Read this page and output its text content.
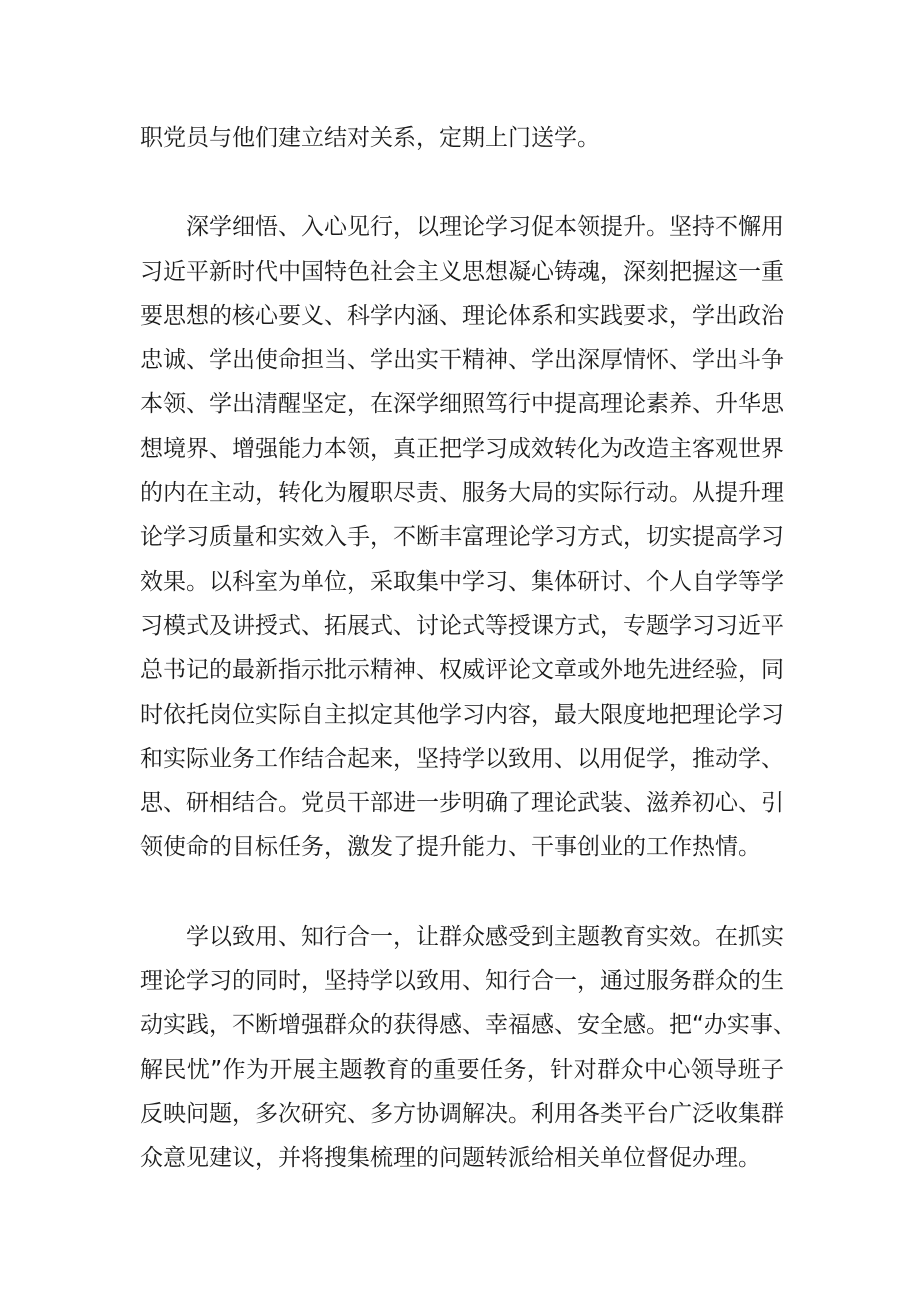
职党员与他们建立结对关系，定期上门送学。
深学细悟、入心见行，以理论学习促本领提升。坚持不懈用
习近平新时代中国特色社会主义思想凝心铸魂，深刻把握这一重
要思想的核心要义、科学内涵、理论体系和实践要求，学出政治
忠诚、学出使命担当、学出实干精神、学出深厚情怀、学出斗争
本领、学出清醒坚定，在深学细照笃行中提高理论素养、升华思
想境界、增强能力本领，真正把学习成效转化为改造主客观世界
的内在主动，转化为履职尽责、服务大局的实际行动。从提升理
论学习质量和实效入手，不断丰富理论学习方式，切实提高学习
效果。以科室为单位，采取集中学习、集体研讨、个人自学等学
习模式及讲授式、拓展式、讨论式等授课方式，专题学习习近平
总书记的最新指示批示精神、权威评论文章或外地先进经验，同
时依托岗位实际自主拟定其他学习内容，最大限度地把理论学习
和实际业务工作结合起来，坚持学以致用、以用促学，推动学、
思、研相结合。党员干部进一步明确了理论武装、滋养初心、引
领使命的目标任务，激发了提升能力、干事创业的工作热情。
学以致用、知行合一，让群众感受到主题教育实效。在抓实
理论学习的同时，坚持学以致用、知行合一，通过服务群众的生
动实践，不断增强群众的获得感、幸福感、安全感。把“办实事、
解民忧”作为开展主题教育的重要任务，针对群众中心领导班子
反映问题，多次研究、多方协调解决。利用各类平台广泛收集群
众意见建议，并将搜集梳理的问题转派给相关单位督促办理。
